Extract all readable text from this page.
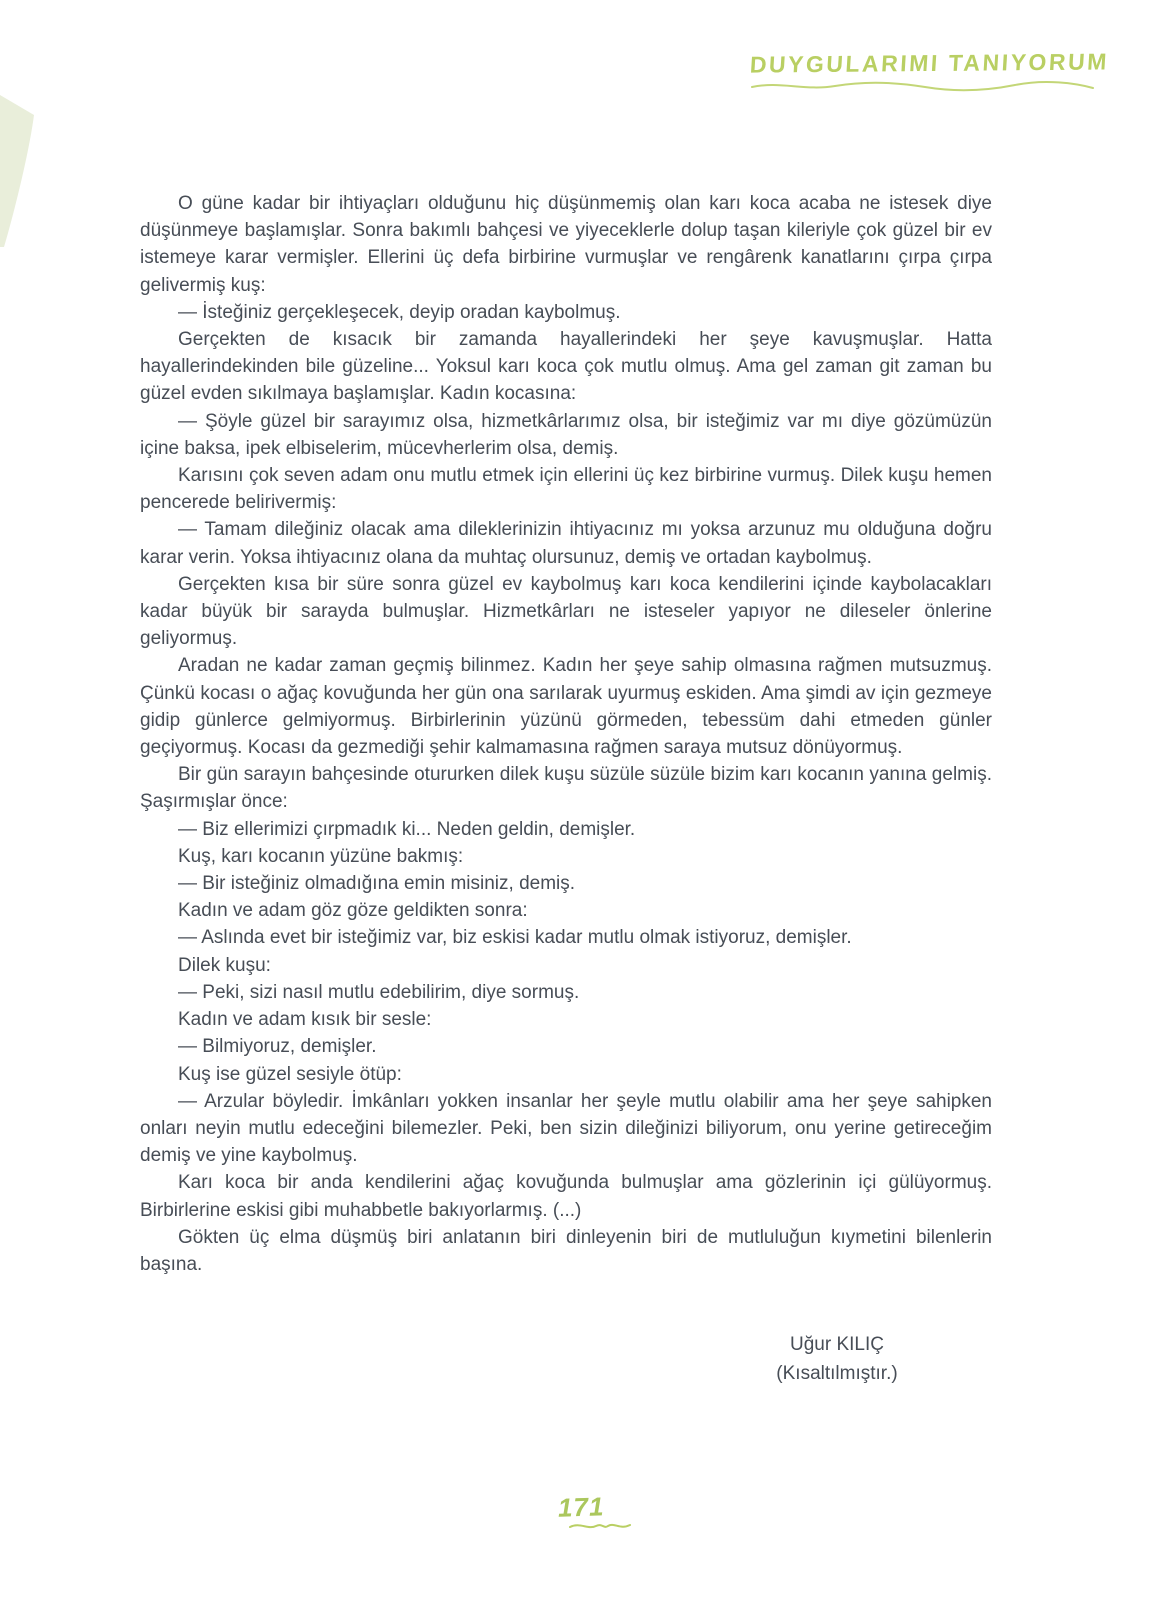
DUYGULARIMI TANIYORUM

O güne kadar bir ihtiyaçları olduğunu hiç düşünmemiş olan karı koca acaba ne istesek diye düşünmeye başlamışlar. Sonra bakımlı bahçesi ve yiyeceklerle dolup taşan kileriyle çok güzel bir ev istemeye karar vermişler. Ellerini üç defa birbirine vurmuşlar ve rengârenk kanatlarını çırpa çırpa gelivermiş kuş:

— İsteğiniz gerçekleşecek, deyip oradan kaybolmuş.

Gerçekten de kısacık bir zamanda hayallerindeki her şeye kavuşmuşlar. Hatta hayallerindekinden bile güzeline... Yoksul karı koca çok mutlu olmuş. Ama gel zaman git zaman bu güzel evden sıkılmaya başlamışlar. Kadın kocasına:

— Şöyle güzel bir sarayımız olsa, hizmetkârlarımız olsa, bir isteğimiz var mı diye gözümüzün içine baksa, ipek elbiselerim, mücevherlerim olsa, demiş.

Karısını çok seven adam onu mutlu etmek için ellerini üç kez birbirine vurmuş. Dilek kuşu hemen pencerede belirivermiş:

— Tamam dileğiniz olacak ama dileklerinizin ihtiyacınız mı yoksa arzunuz mu olduğuna doğru karar verin. Yoksa ihtiyacınız olana da muhtaç olursunuz, demiş ve ortadan kaybolmuş.

Gerçekten kısa bir süre sonra güzel ev kaybolmuş karı koca kendilerini içinde kaybolacakları kadar büyük bir sarayda bulmuşlar. Hizmetkârları ne isteseler yapıyor ne dileseler önlerine geliyormuş.

Aradan ne kadar zaman geçmiş bilinmez. Kadın her şeye sahip olmasına rağmen mutsuzmuş. Çünkü kocası o ağaç kovuğunda her gün ona sarılarak uyurmuş eskiden. Ama şimdi av için gezmeye gidip günlerce gelmiyormuş. Birbirlerinin yüzünü görmeden, tebessüm dahi etmeden günler geçiyormuş. Kocası da gezmediği şehir kalmamasına rağmen saraya mutsuz dönüyormuş.

Bir gün sarayın bahçesinde otururken dilek kuşu süzüle süzüle bizim karı kocanın yanına gelmiş. Şaşırmışlar önce:

— Biz ellerimizi çırpmadık ki... Neden geldin, demişler.

Kuş, karı kocanın yüzüne bakmış:

— Bir isteğiniz olmadığına emin misiniz, demiş.

Kadın ve adam göz göze geldikten sonra:

— Aslında evet bir isteğimiz var, biz eskisi kadar mutlu olmak istiyoruz, demişler.

Dilek kuşu:

— Peki, sizi nasıl mutlu edebilirim, diye sormuş.

Kadın ve adam kısık bir sesle:

— Bilmiyoruz, demişler.

Kuş ise güzel sesiyle ötüp:

— Arzular böyledir. İmkânları yokken insanlar her şeyle mutlu olabilir ama her şeye sahipken onları neyin mutlu edeceğini bilemezler. Peki, ben sizin dileğinizi biliyorum, onu yerine getireceğim demiş ve yine kaybolmuş.

Karı koca bir anda kendilerini ağaç kovuğunda bulmuşlar ama gözlerinin içi gülüyormuş. Birbirlerine eskisi gibi muhabbetle bakıyorlarmış. (...)

Gökten üç elma düşmüş biri anlatanın biri dinleyenin biri de mutluluğun kıymetini bilenlerin başına.

Uğur KILIÇ
(Kısaltılmıştır.)
171
